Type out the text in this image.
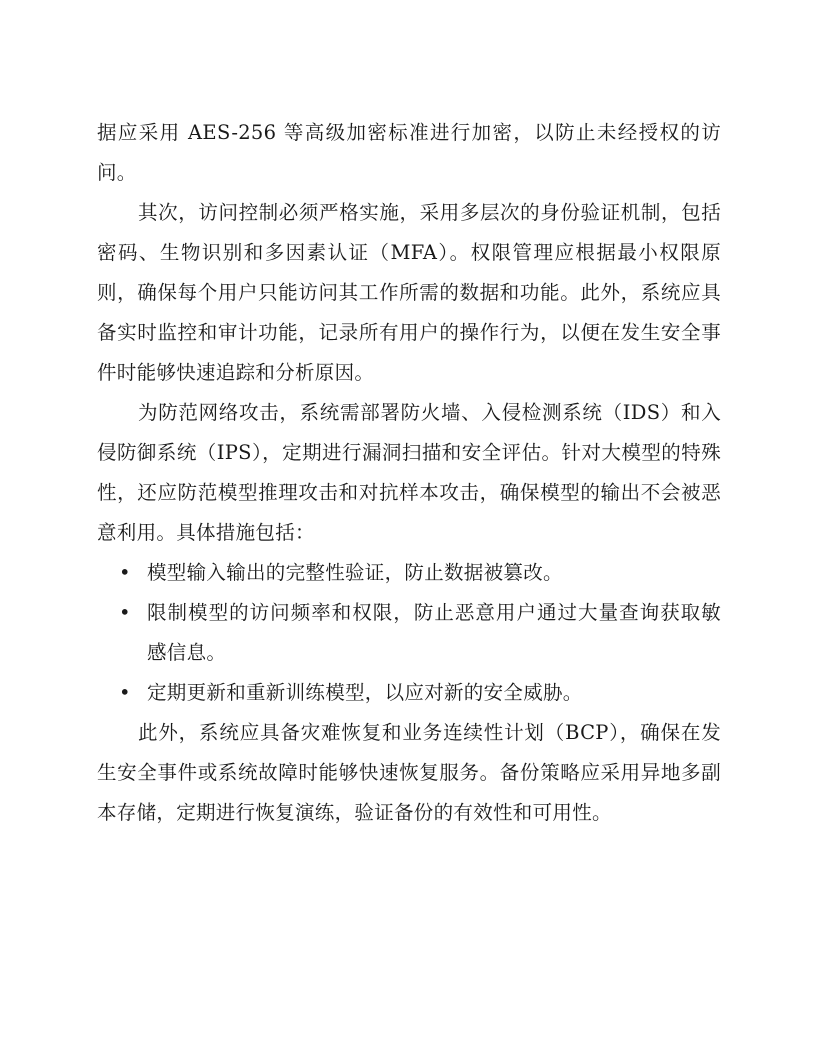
据应采用 AES-256 等高级加密标准进行加密，以防止未经授权的访问。

其次，访问控制必须严格实施，采用多层次的身份验证机制，包括密码、生物识别和多因素认证（MFA）。权限管理应根据最小权限原则，确保每个用户只能访问其工作所需的数据和功能。此外，系统应具备实时监控和审计功能，记录所有用户的操作行为，以便在发生安全事件时能够快速追踪和分析原因。

为防范网络攻击，系统需部署防火墙、入侵检测系统（IDS）和入侵防御系统（IPS），定期进行漏洞扫描和安全评估。针对大模型的特殊性，还应防范模型推理攻击和对抗样本攻击，确保模型的输出不会被恶意利用。具体措施包括：

• 模型输入输出的完整性验证，防止数据被篡改。
• 限制模型的访问频率和权限，防止恶意用户通过大量查询获取敏感信息。
• 定期更新和重新训练模型，以应对新的安全威胁。

此外，系统应具备灾难恢复和业务连续性计划（BCP），确保在发生安全事件或系统故障时能够快速恢复服务。备份策略应采用异地多副本存储，定期进行恢复演练，验证备份的有效性和可用性。
